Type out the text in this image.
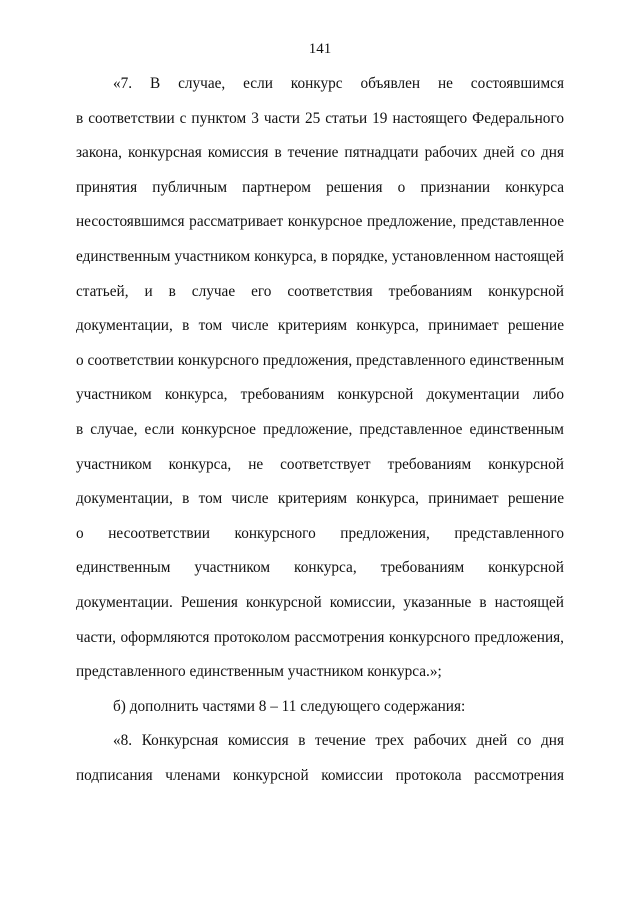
141
«7. В случае, если конкурс объявлен не состоявшимся
в соответствии с пунктом 3 части 25 статьи 19 настоящего Федерального
закона, конкурсная комиссия в течение пятнадцати рабочих дней со дня
принятия публичным партнером решения о признании конкурса
несостоявшимся рассматривает конкурсное предложение, представленное
единственным участником конкурса, в порядке, установленном настоящей
статьей, и в случае его соответствия требованиям конкурсной
документации, в том числе критериям конкурса, принимает решение
о соответствии конкурсного предложения, представленного единственным
участником конкурса, требованиям конкурсной документации либо
в случае, если конкурсное предложение, представленное единственным
участником конкурса, не соответствует требованиям конкурсной
документации, в том числе критериям конкурса, принимает решение
о несоответствии конкурсного предложения, представленного
единственным участником конкурса, требованиям конкурсной
документации. Решения конкурсной комиссии, указанные в настоящей
части, оформляются протоколом рассмотрения конкурсного предложения,
представленного единственным участником конкурса.»;
б) дополнить частями 8 – 11 следующего содержания:
«8. Конкурсная комиссия в течение трех рабочих дней со дня
подписания членами конкурсной комиссии протокола рассмотрения
